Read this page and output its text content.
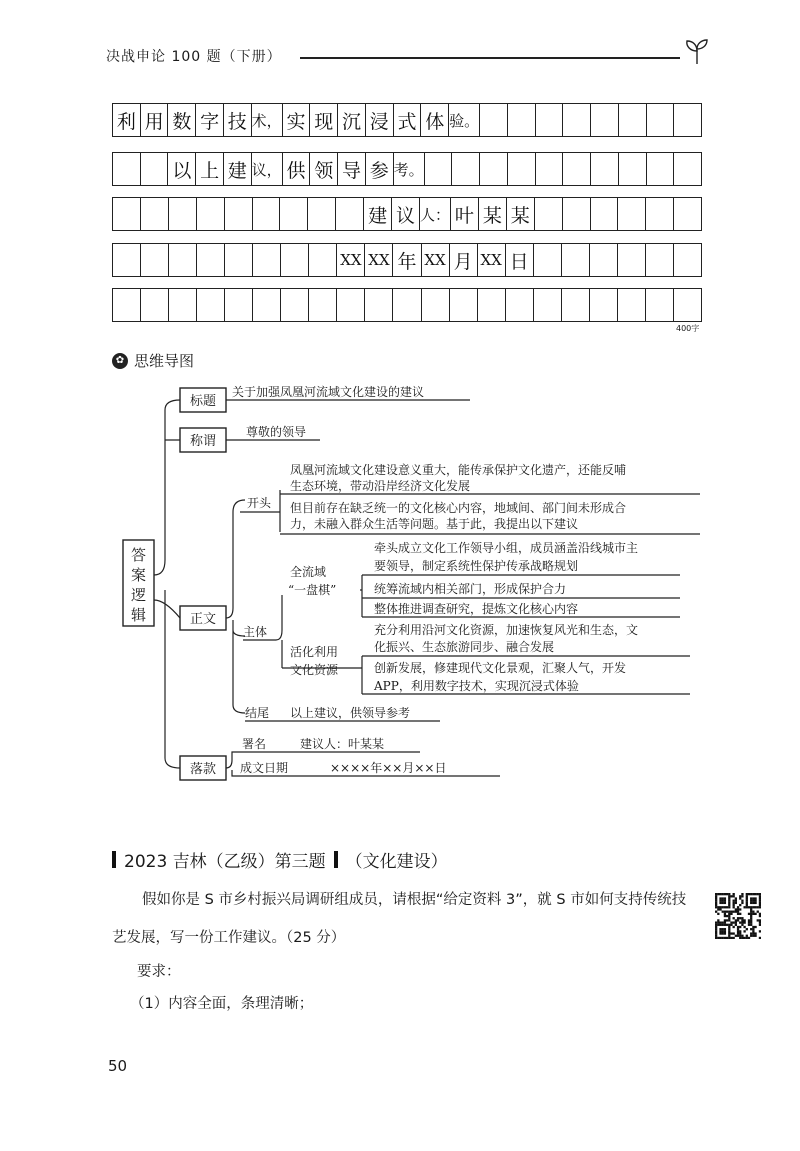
决战申论 100 题（下册）
利 用 数 字 技 术， 实 现 沉 浸 式 体 验。
以 上 建 议， 供 领 导 参 考。
建 议 人： 叶 某 某
XX XX 年 XX 月 XX 日
400字
✿ 思维导图
答案逻辑
标题
关于加强凤凰河流域文化建设的建议
称谓
尊敬的领导
正文
开头
凤凰河流域文化建设意义重大，能传承保护文化遗产，还能反哺
生态环境，带动沿岸经济文化发展
但目前存在缺乏统一的文化核心内容，地域间、部门间未形成合
力，未融入群众生活等问题。基于此，我提出以下建议
主体
全流域
“一盘棋”
牵头成立文化工作领导小组，成员涵盖沿线城市主
要领导，制定系统性保护传承战略规划
统筹流域内相关部门，形成保护合力
整体推进调查研究，提炼文化核心内容
活化利用
文化资源
充分利用沿河文化资源，加速恢复风光和生态，文
化振兴、生态旅游同步、融合发展
创新发展，修建现代文化景观，汇聚人气，开发
APP，利用数字技术，实现沉浸式体验
结尾 以上建议，供领导参考
落款
署名	建议人：叶某某
成文日期	××××年××月××日
2023 吉林（乙级）第三题 （文化建设）
假如你是 S 市乡村振兴局调研组成员，请根据“给定资料 3”，就 S 市如何支持传统技
艺发展，写一份工作建议。（25 分）
要求：
（1）内容全面，条理清晰；
50
